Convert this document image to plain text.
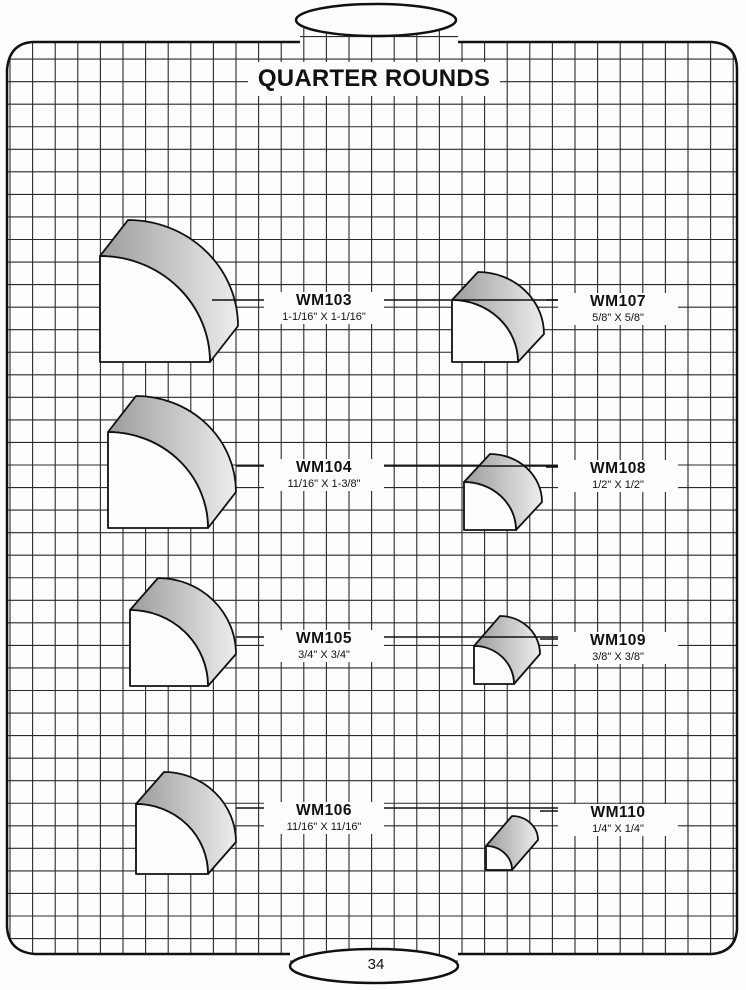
QUARTER ROUNDS
WM103
1-1/16" X 1-1/16"
WM104
11/16" X 1-3/8"
WM105
3/4" X 3/4"
WM106
11/16" X 11/16"
WM107
5/8" X 5/8"
WM108
1/2" X 1/2"
WM109
3/8" X 3/8"
WM110
1/4" X 1/4"
34
